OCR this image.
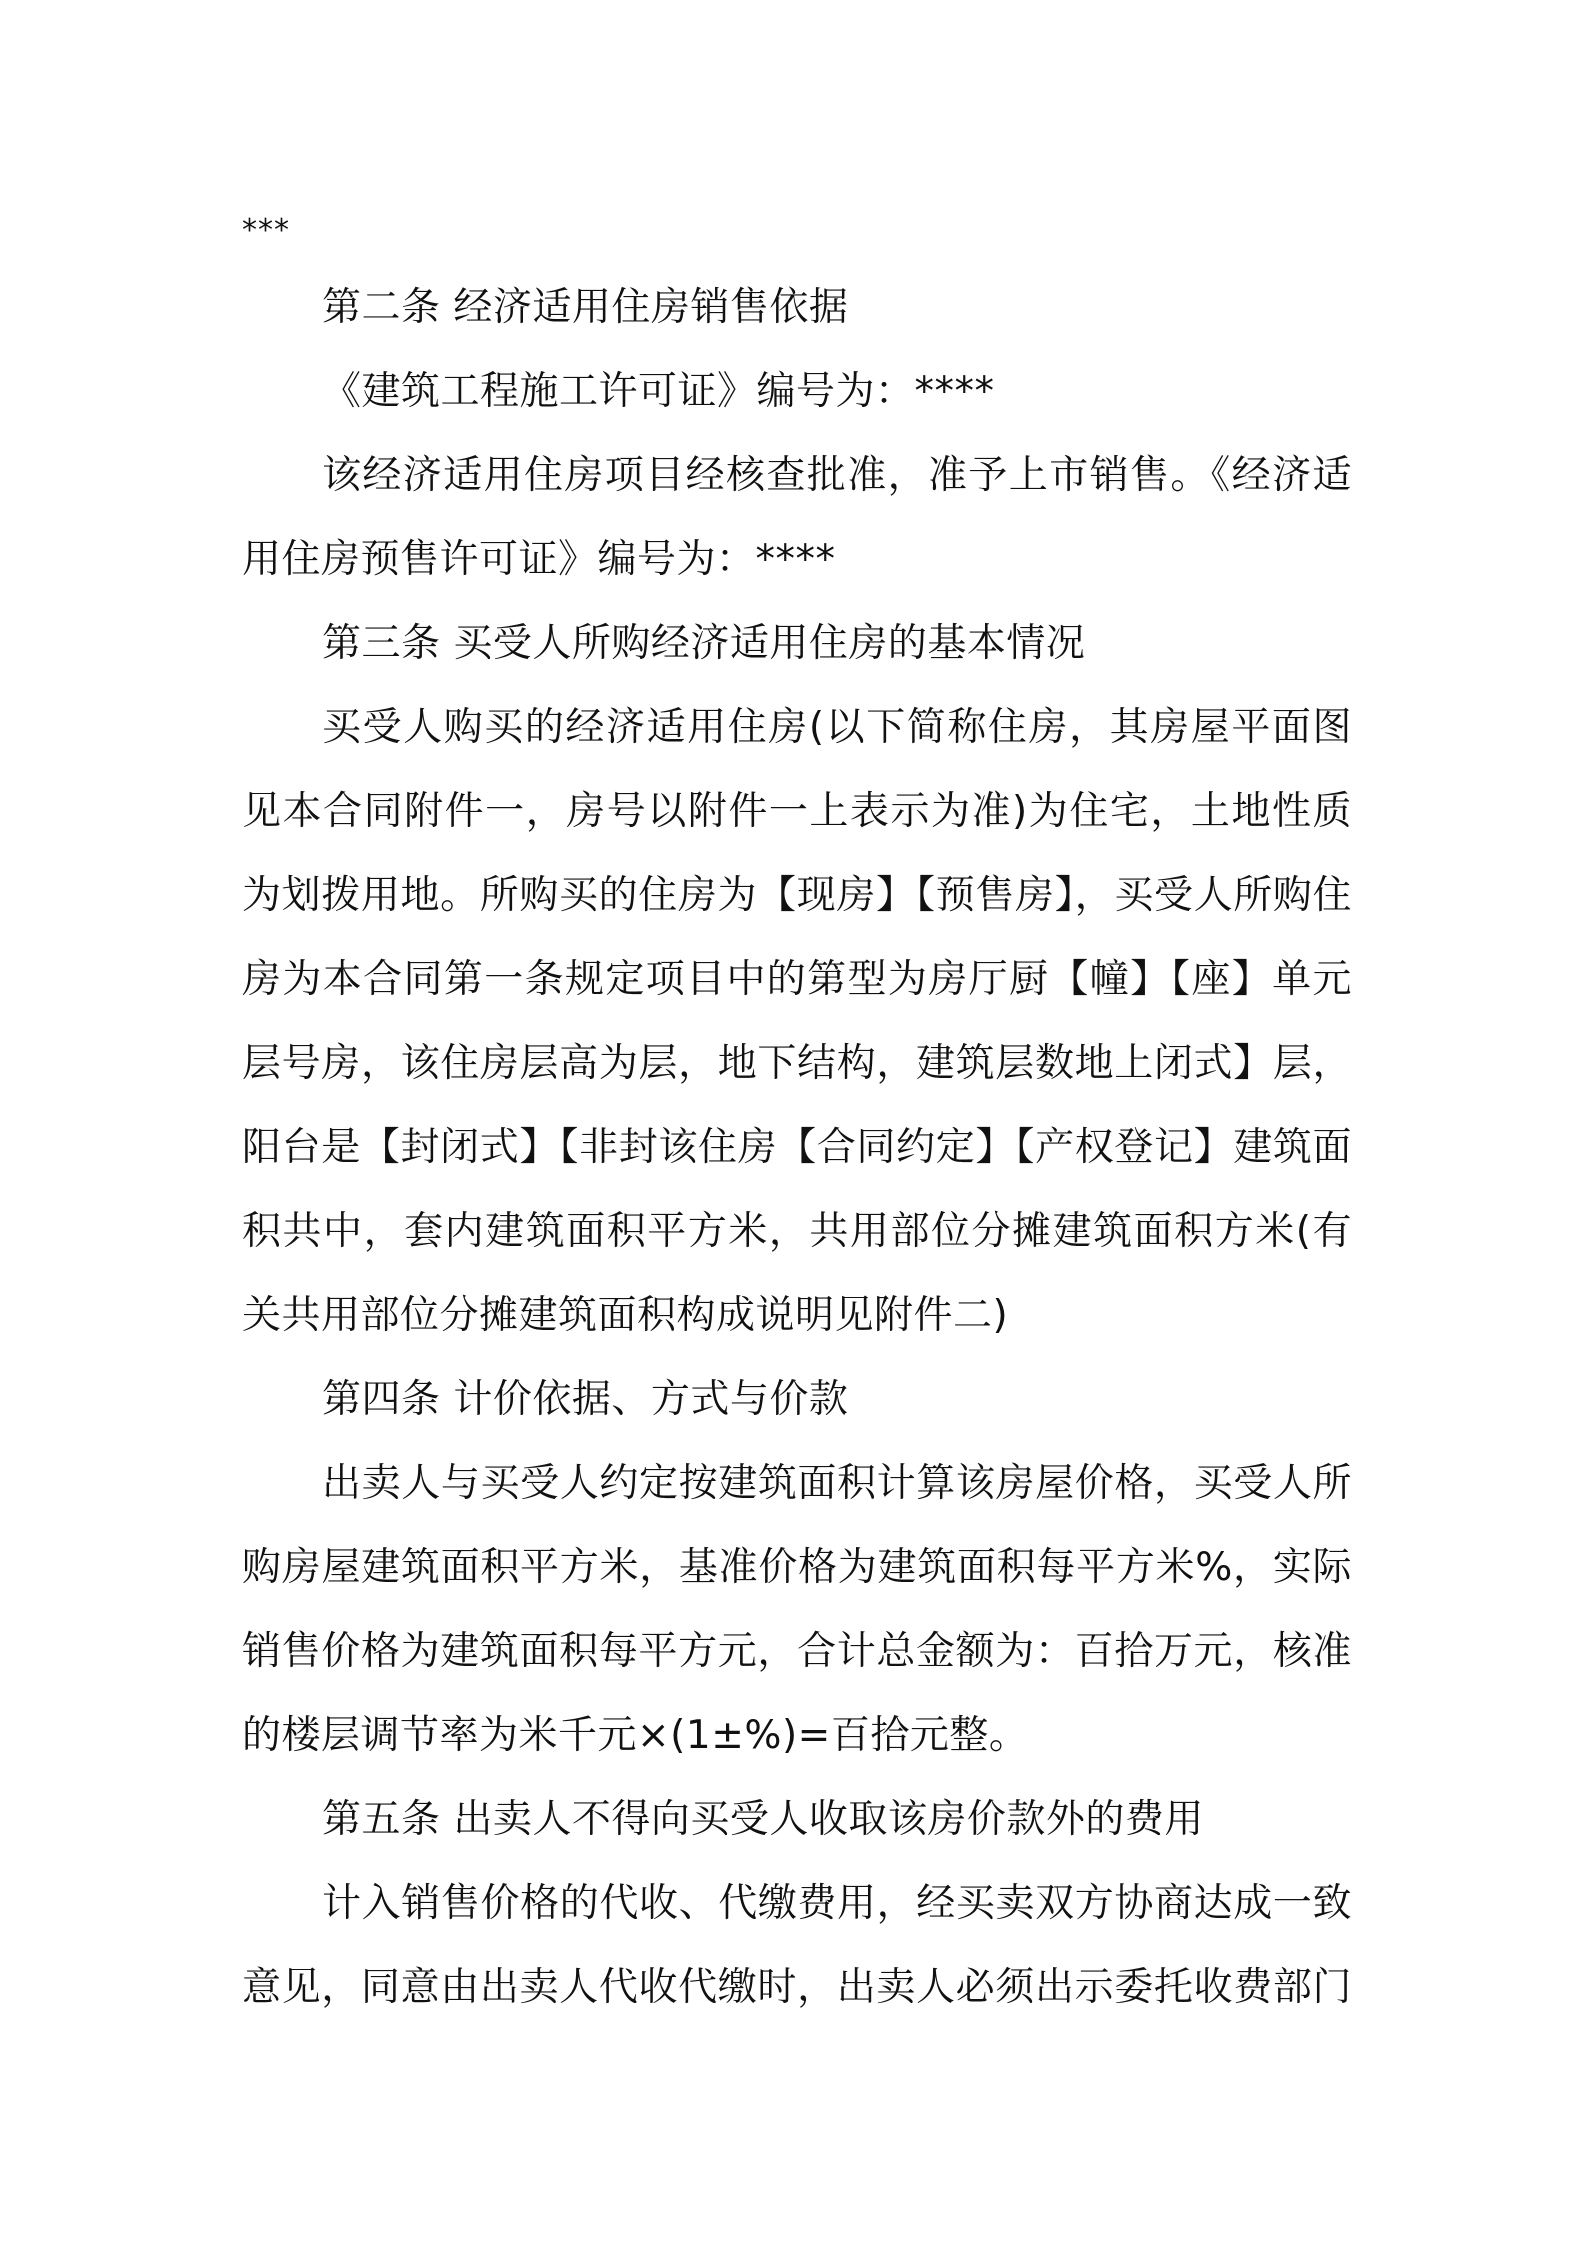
***
第二条 经济适用住房销售依据
《建筑工程施工许可证》编号为：****
该经济适用住房项目经核查批准，准予上市销售。《经济适
用住房预售许可证》编号为：****
第三条 买受人所购经济适用住房的基本情况
买受人购买的经济适用住房(以下简称住房，其房屋平面图
见本合同附件一，房号以附件一上表示为准)为住宅，土地性质
为划拨用地。所购买的住房为【现房】【预售房】，买受人所购住
房为本合同第一条规定项目中的第型为房厅厨【幢】【座】单元
层号房，该住房层高为层，地下结构，建筑层数地上闭式】层，
阳台是【封闭式】【非封该住房【合同约定】【产权登记】建筑面
积共中，套内建筑面积平方米，共用部位分摊建筑面积方米(有
关共用部位分摊建筑面积构成说明见附件二)
第四条 计价依据、方式与价款
出卖人与买受人约定按建筑面积计算该房屋价格，买受人所
购房屋建筑面积平方米，基准价格为建筑面积每平方米%，实际
销售价格为建筑面积每平方元，合计总金额为：百拾万元，核准
的楼层调节率为米千元×(1±%)=百拾元整。
第五条 出卖人不得向买受人收取该房价款外的费用
计入销售价格的代收、代缴费用，经买卖双方协商达成一致
意见，同意由出卖人代收代缴时，出卖人必须出示委托收费部门
